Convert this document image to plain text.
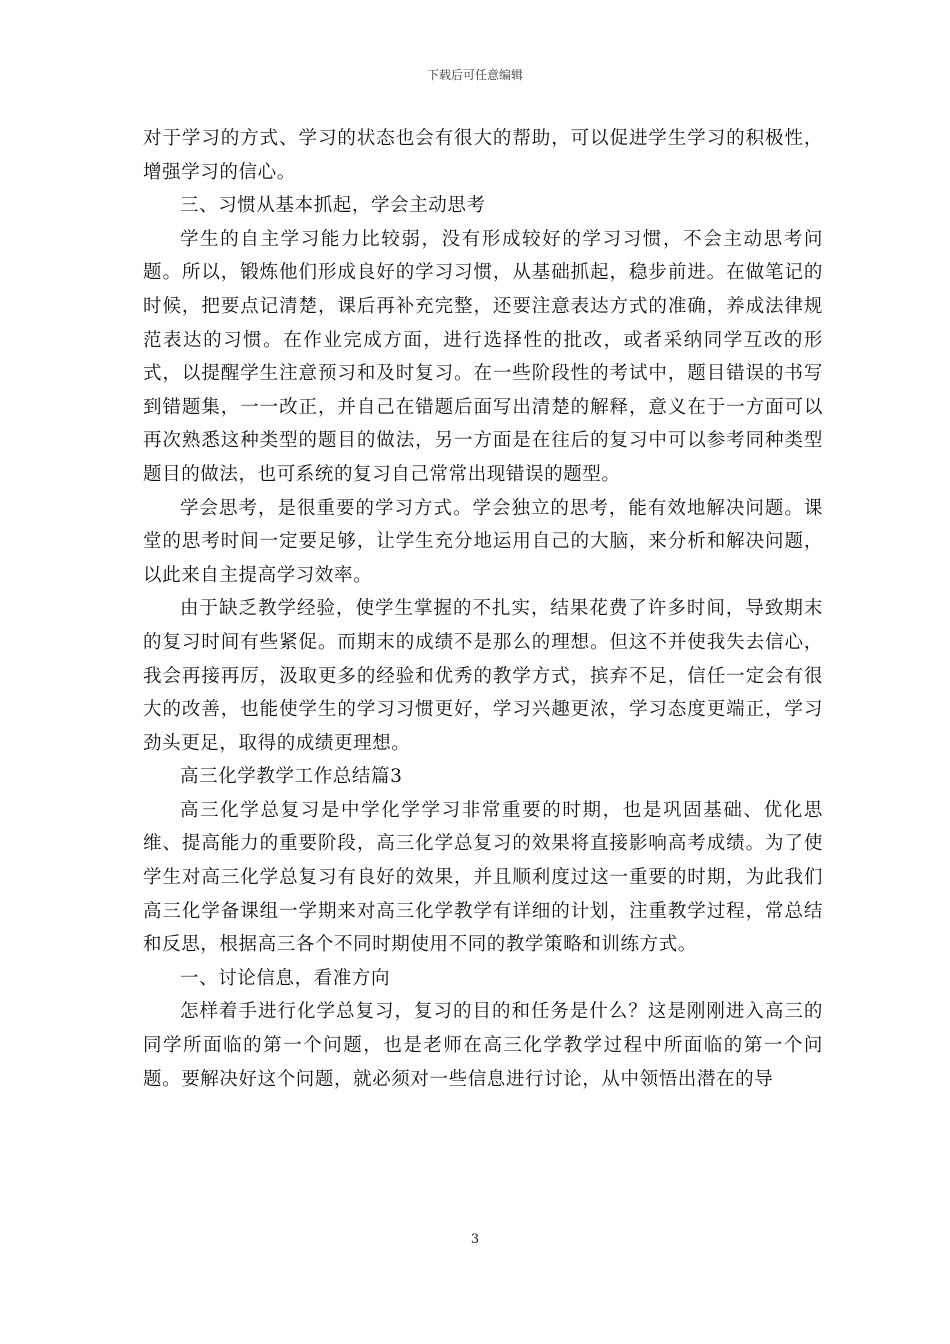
下载后可任意编辑

对于学习的方式、学习的状态也会有很大的帮助，可以促进学生学习的积极性，增强学习的信心。

三、习惯从基本抓起，学会主动思考

学生的自主学习能力比较弱，没有形成较好的学习习惯，不会主动思考问题。所以，锻炼他们形成良好的学习习惯，从基础抓起，稳步前进。在做笔记的时候，把要点记清楚，课后再补充完整，还要注意表达方式的准确，养成法律规范表达的习惯。在作业完成方面，进行选择性的批改，或者采纳同学互改的形式，以提醒学生注意预习和及时复习。在一些阶段性的考试中，题目错误的书写到错题集，一一改正，并自己在错题后面写出清楚的解释，意义在于一方面可以再次熟悉这种类型的题目的做法，另一方面是在往后的复习中可以参考同种类型题目的做法，也可系统的复习自己常常出现错误的题型。

学会思考，是很重要的学习方式。学会独立的思考，能有效地解决问题。课堂的思考时间一定要足够，让学生充分地运用自己的大脑，来分析和解决问题，以此来自主提高学习效率。

由于缺乏教学经验，使学生掌握的不扎实，结果花费了许多时间，导致期末的复习时间有些紧促。而期末的成绩不是那么的理想。但这不并使我失去信心，我会再接再厉，汲取更多的经验和优秀的教学方式，摈弃不足，信任一定会有很大的改善，也能使学生的学习习惯更好，学习兴趣更浓，学习态度更端正，学习劲头更足，取得的成绩更理想。

高三化学教学工作总结篇3

高三化学总复习是中学化学学习非常重要的时期，也是巩固基础、优化思维、提高能力的重要阶段，高三化学总复习的效果将直接影响高考成绩。为了使学生对高三化学总复习有良好的效果，并且顺利度过这一重要的时期，为此我们高三化学备课组一学期来对高三化学教学有详细的计划，注重教学过程，常总结和反思，根据高三各个不同时期使用不同的教学策略和训练方式。

一、讨论信息，看准方向

怎样着手进行化学总复习，复习的目的和任务是什么？这是刚刚进入高三的同学所面临的第一个问题，也是老师在高三化学教学过程中所面临的第一个问题。要解决好这个问题，就必须对一些信息进行讨论，从中领悟出潜在的导

3
